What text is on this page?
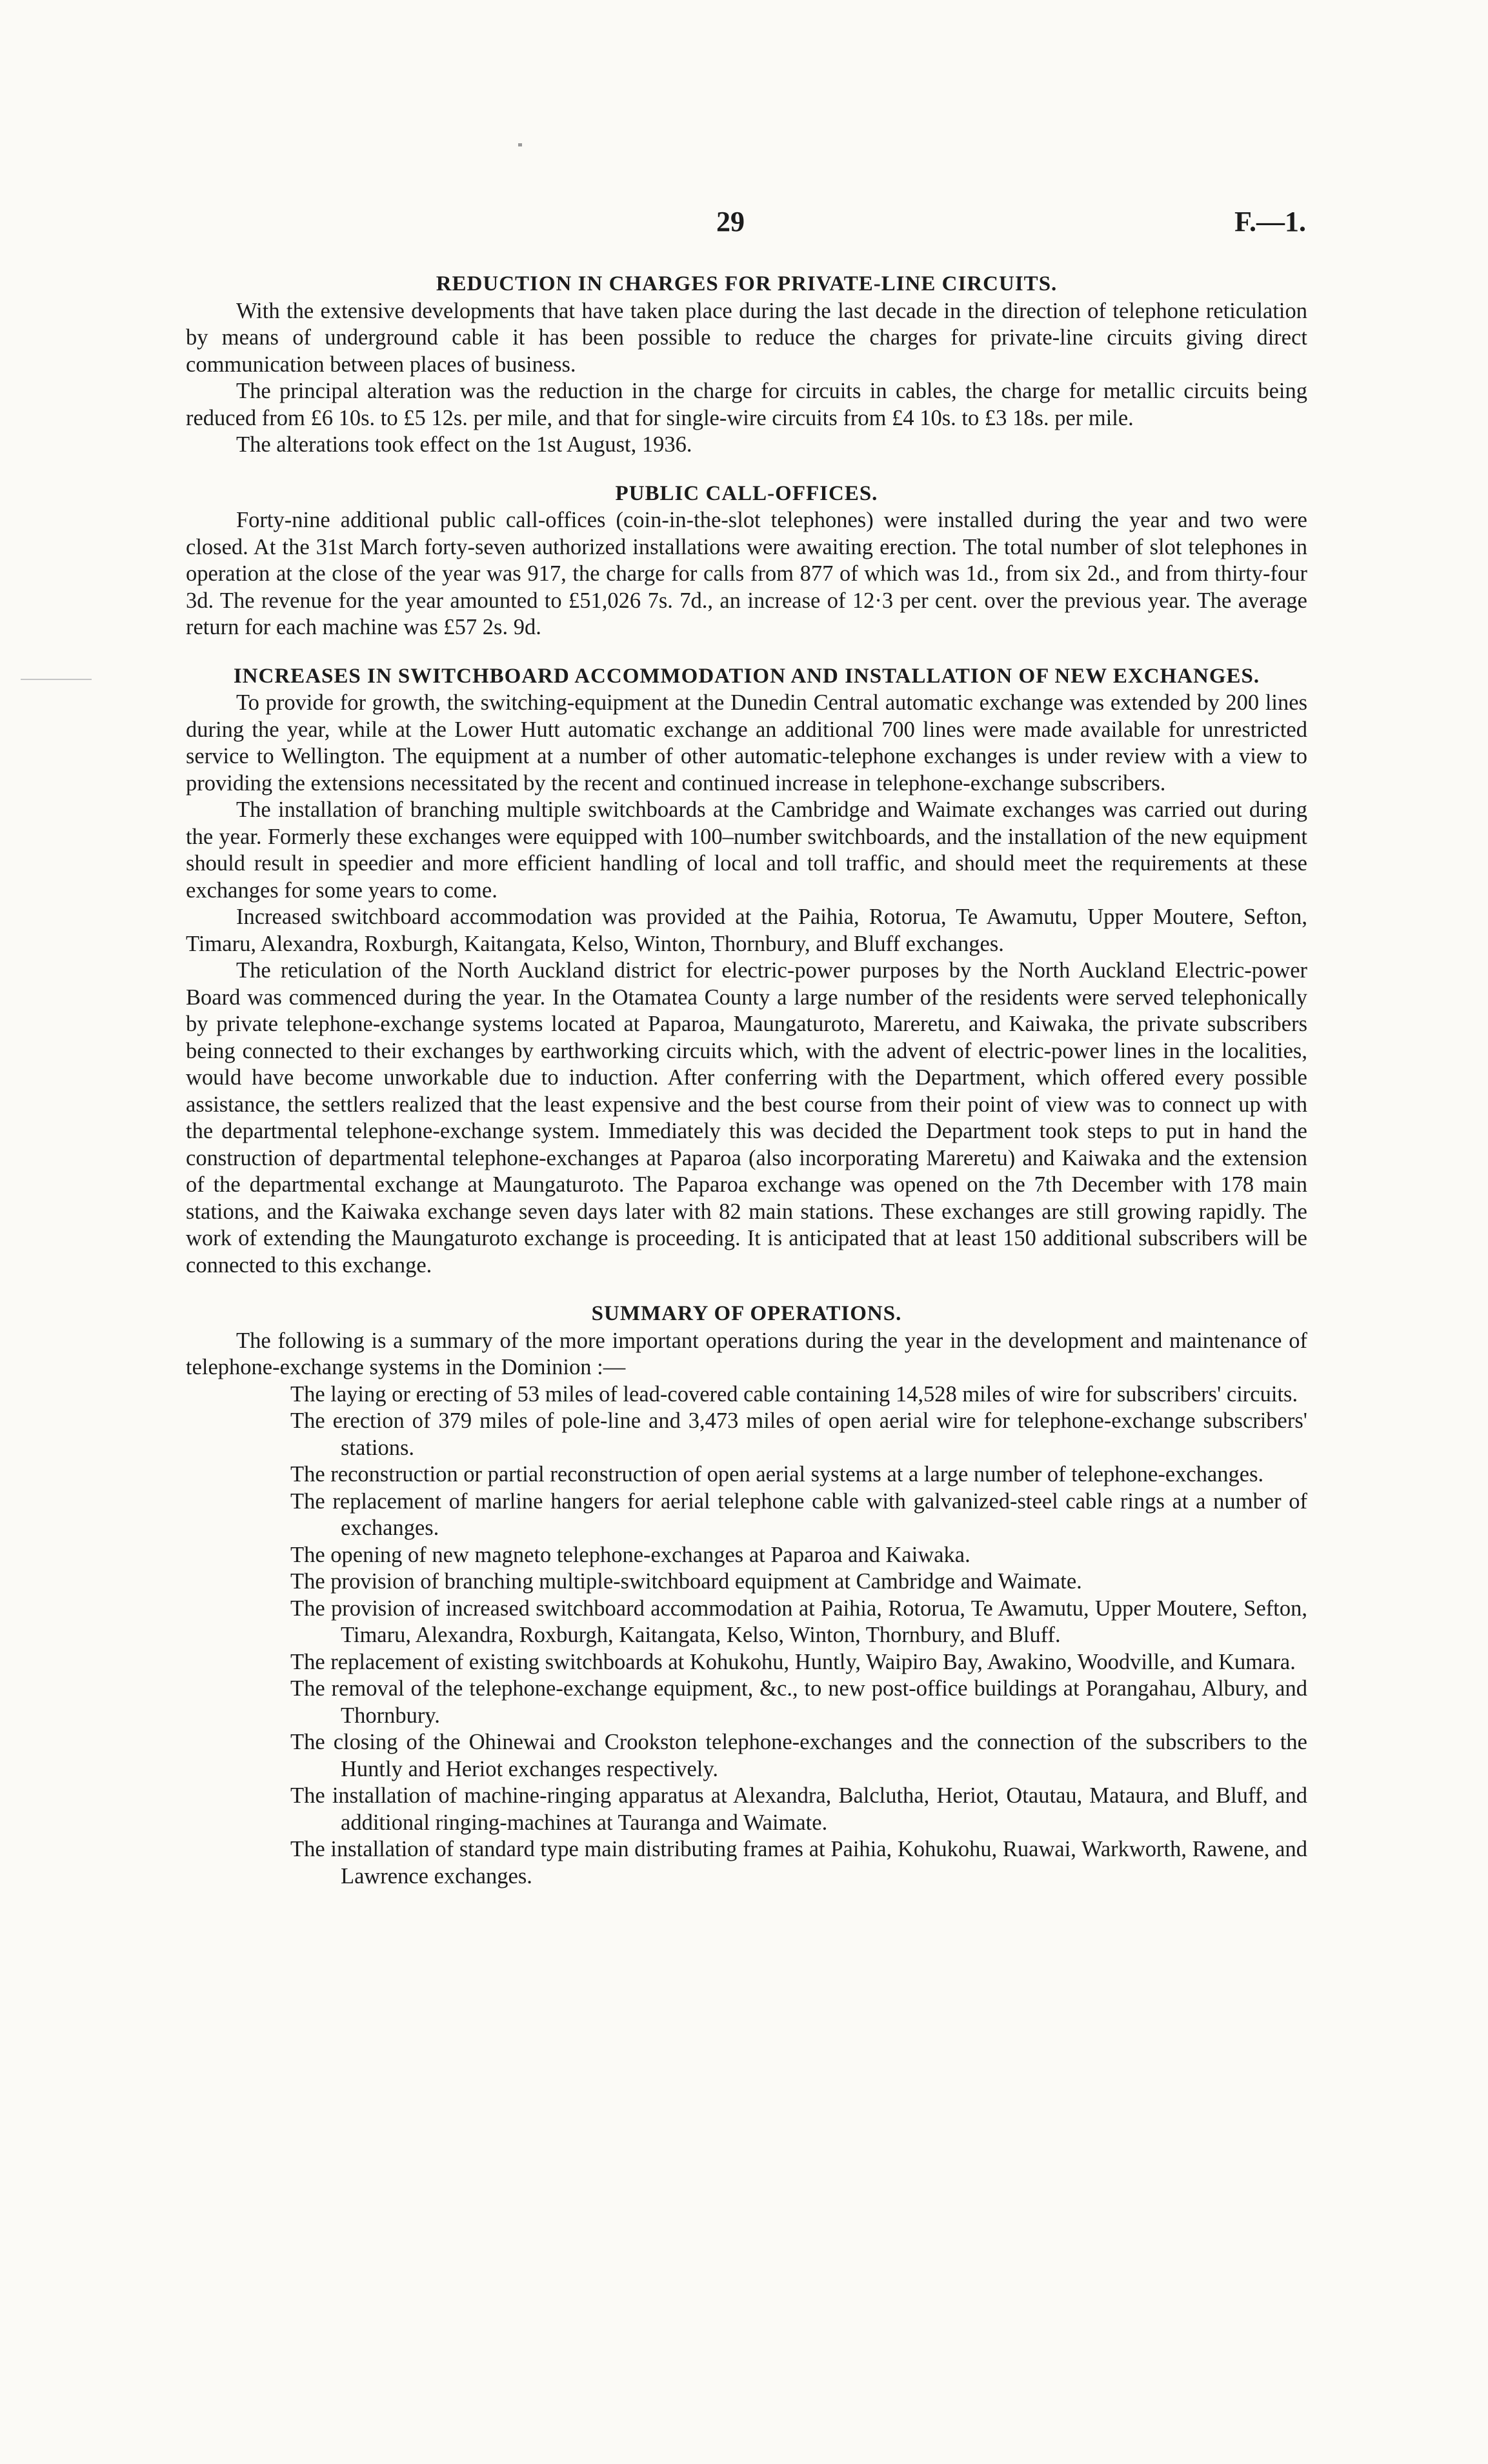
29	F.—1.
REDUCTION IN CHARGES FOR PRIVATE-LINE CIRCUITS.

With the extensive developments that have taken place during the last decade in the direction of telephone reticulation by means of underground cable it has been possible to reduce the charges for private-line circuits giving direct communication between places of business.

The principal alteration was the reduction in the charge for circuits in cables, the charge for metallic circuits being reduced from £6 10s. to £5 12s. per mile, and that for single-wire circuits from £4 10s. to £3 18s. per mile.

The alterations took effect on the 1st August, 1936.

PUBLIC CALL-OFFICES.

Forty-nine additional public call-offices (coin-in-the-slot telephones) were installed during the year and two were closed. At the 31st March forty-seven authorized installations were awaiting erection. The total number of slot telephones in operation at the close of the year was 917, the charge for calls from 877 of which was 1d., from six 2d., and from thirty-four 3d. The revenue for the year amounted to £51,026 7s. 7d., an increase of 12·3 per cent. over the previous year. The average return for each machine was £57 2s. 9d.

INCREASES IN SWITCHBOARD ACCOMMODATION AND INSTALLATION OF NEW EXCHANGES.

To provide for growth, the switching-equipment at the Dunedin Central automatic exchange was extended by 200 lines during the year, while at the Lower Hutt automatic exchange an additional 700 lines were made available for unrestricted service to Wellington. The equipment at a number of other automatic-telephone exchanges is under review with a view to providing the extensions necessitated by the recent and continued increase in telephone-exchange subscribers.

The installation of branching multiple switchboards at the Cambridge and Waimate exchanges was carried out during the year. Formerly these exchanges were equipped with 100–number switchboards, and the installation of the new equipment should result in speedier and more efficient handling of local and toll traffic, and should meet the requirements at these exchanges for some years to come.

Increased switchboard accommodation was provided at the Paihia, Rotorua, Te Awamutu, Upper Moutere, Sefton, Timaru, Alexandra, Roxburgh, Kaitangata, Kelso, Winton, Thornbury, and Bluff exchanges.

The reticulation of the North Auckland district for electric-power purposes by the North Auckland Electric-power Board was commenced during the year. In the Otamatea County a large number of the residents were served telephonically by private telephone-exchange systems located at Paparoa, Maungaturoto, Mareretu, and Kaiwaka, the private subscribers being connected to their exchanges by earthworking circuits which, with the advent of electric-power lines in the localities, would have become unworkable due to induction. After conferring with the Department, which offered every possible assistance, the settlers realized that the least expensive and the best course from their point of view was to connect up with the departmental telephone-exchange system. Immediately this was decided the Department took steps to put in hand the construction of departmental telephone-exchanges at Paparoa (also incorporating Mareretu) and Kaiwaka and the extension of the departmental exchange at Maungaturoto. The Paparoa exchange was opened on the 7th December with 178 main stations, and the Kaiwaka exchange seven days later with 82 main stations. These exchanges are still growing rapidly. The work of extending the Maungaturoto exchange is proceeding. It is anticipated that at least 150 additional subscribers will be connected to this exchange.

SUMMARY OF OPERATIONS.

The following is a summary of the more important operations during the year in the development and maintenance of telephone-exchange systems in the Dominion :—

The laying or erecting of 53 miles of lead-covered cable containing 14,528 miles of wire for subscribers' circuits.
The erection of 379 miles of pole-line and 3,473 miles of open aerial wire for telephone-exchange subscribers' stations.
The reconstruction or partial reconstruction of open aerial systems at a large number of telephone-exchanges.
The replacement of marline hangers for aerial telephone cable with galvanized-steel cable rings at a number of exchanges.
The opening of new magneto telephone-exchanges at Paparoa and Kaiwaka.
The provision of branching multiple-switchboard equipment at Cambridge and Waimate.
The provision of increased switchboard accommodation at Paihia, Rotorua, Te Awamutu, Upper Moutere, Sefton, Timaru, Alexandra, Roxburgh, Kaitangata, Kelso, Winton, Thornbury, and Bluff.
The replacement of existing switchboards at Kohukohu, Huntly, Waipiro Bay, Awakino, Woodville, and Kumara.
The removal of the telephone-exchange equipment, &c., to new post-office buildings at Porangahau, Albury, and Thornbury.
The closing of the Ohinewai and Crookston telephone-exchanges and the connection of the subscribers to the Huntly and Heriot exchanges respectively.
The installation of machine-ringing apparatus at Alexandra, Balclutha, Heriot, Otautau, Mataura, and Bluff, and additional ringing-machines at Tauranga and Waimate.
The installation of standard type main distributing frames at Paihia, Kohukohu, Ruawai, Warkworth, Rawene, and Lawrence exchanges.
